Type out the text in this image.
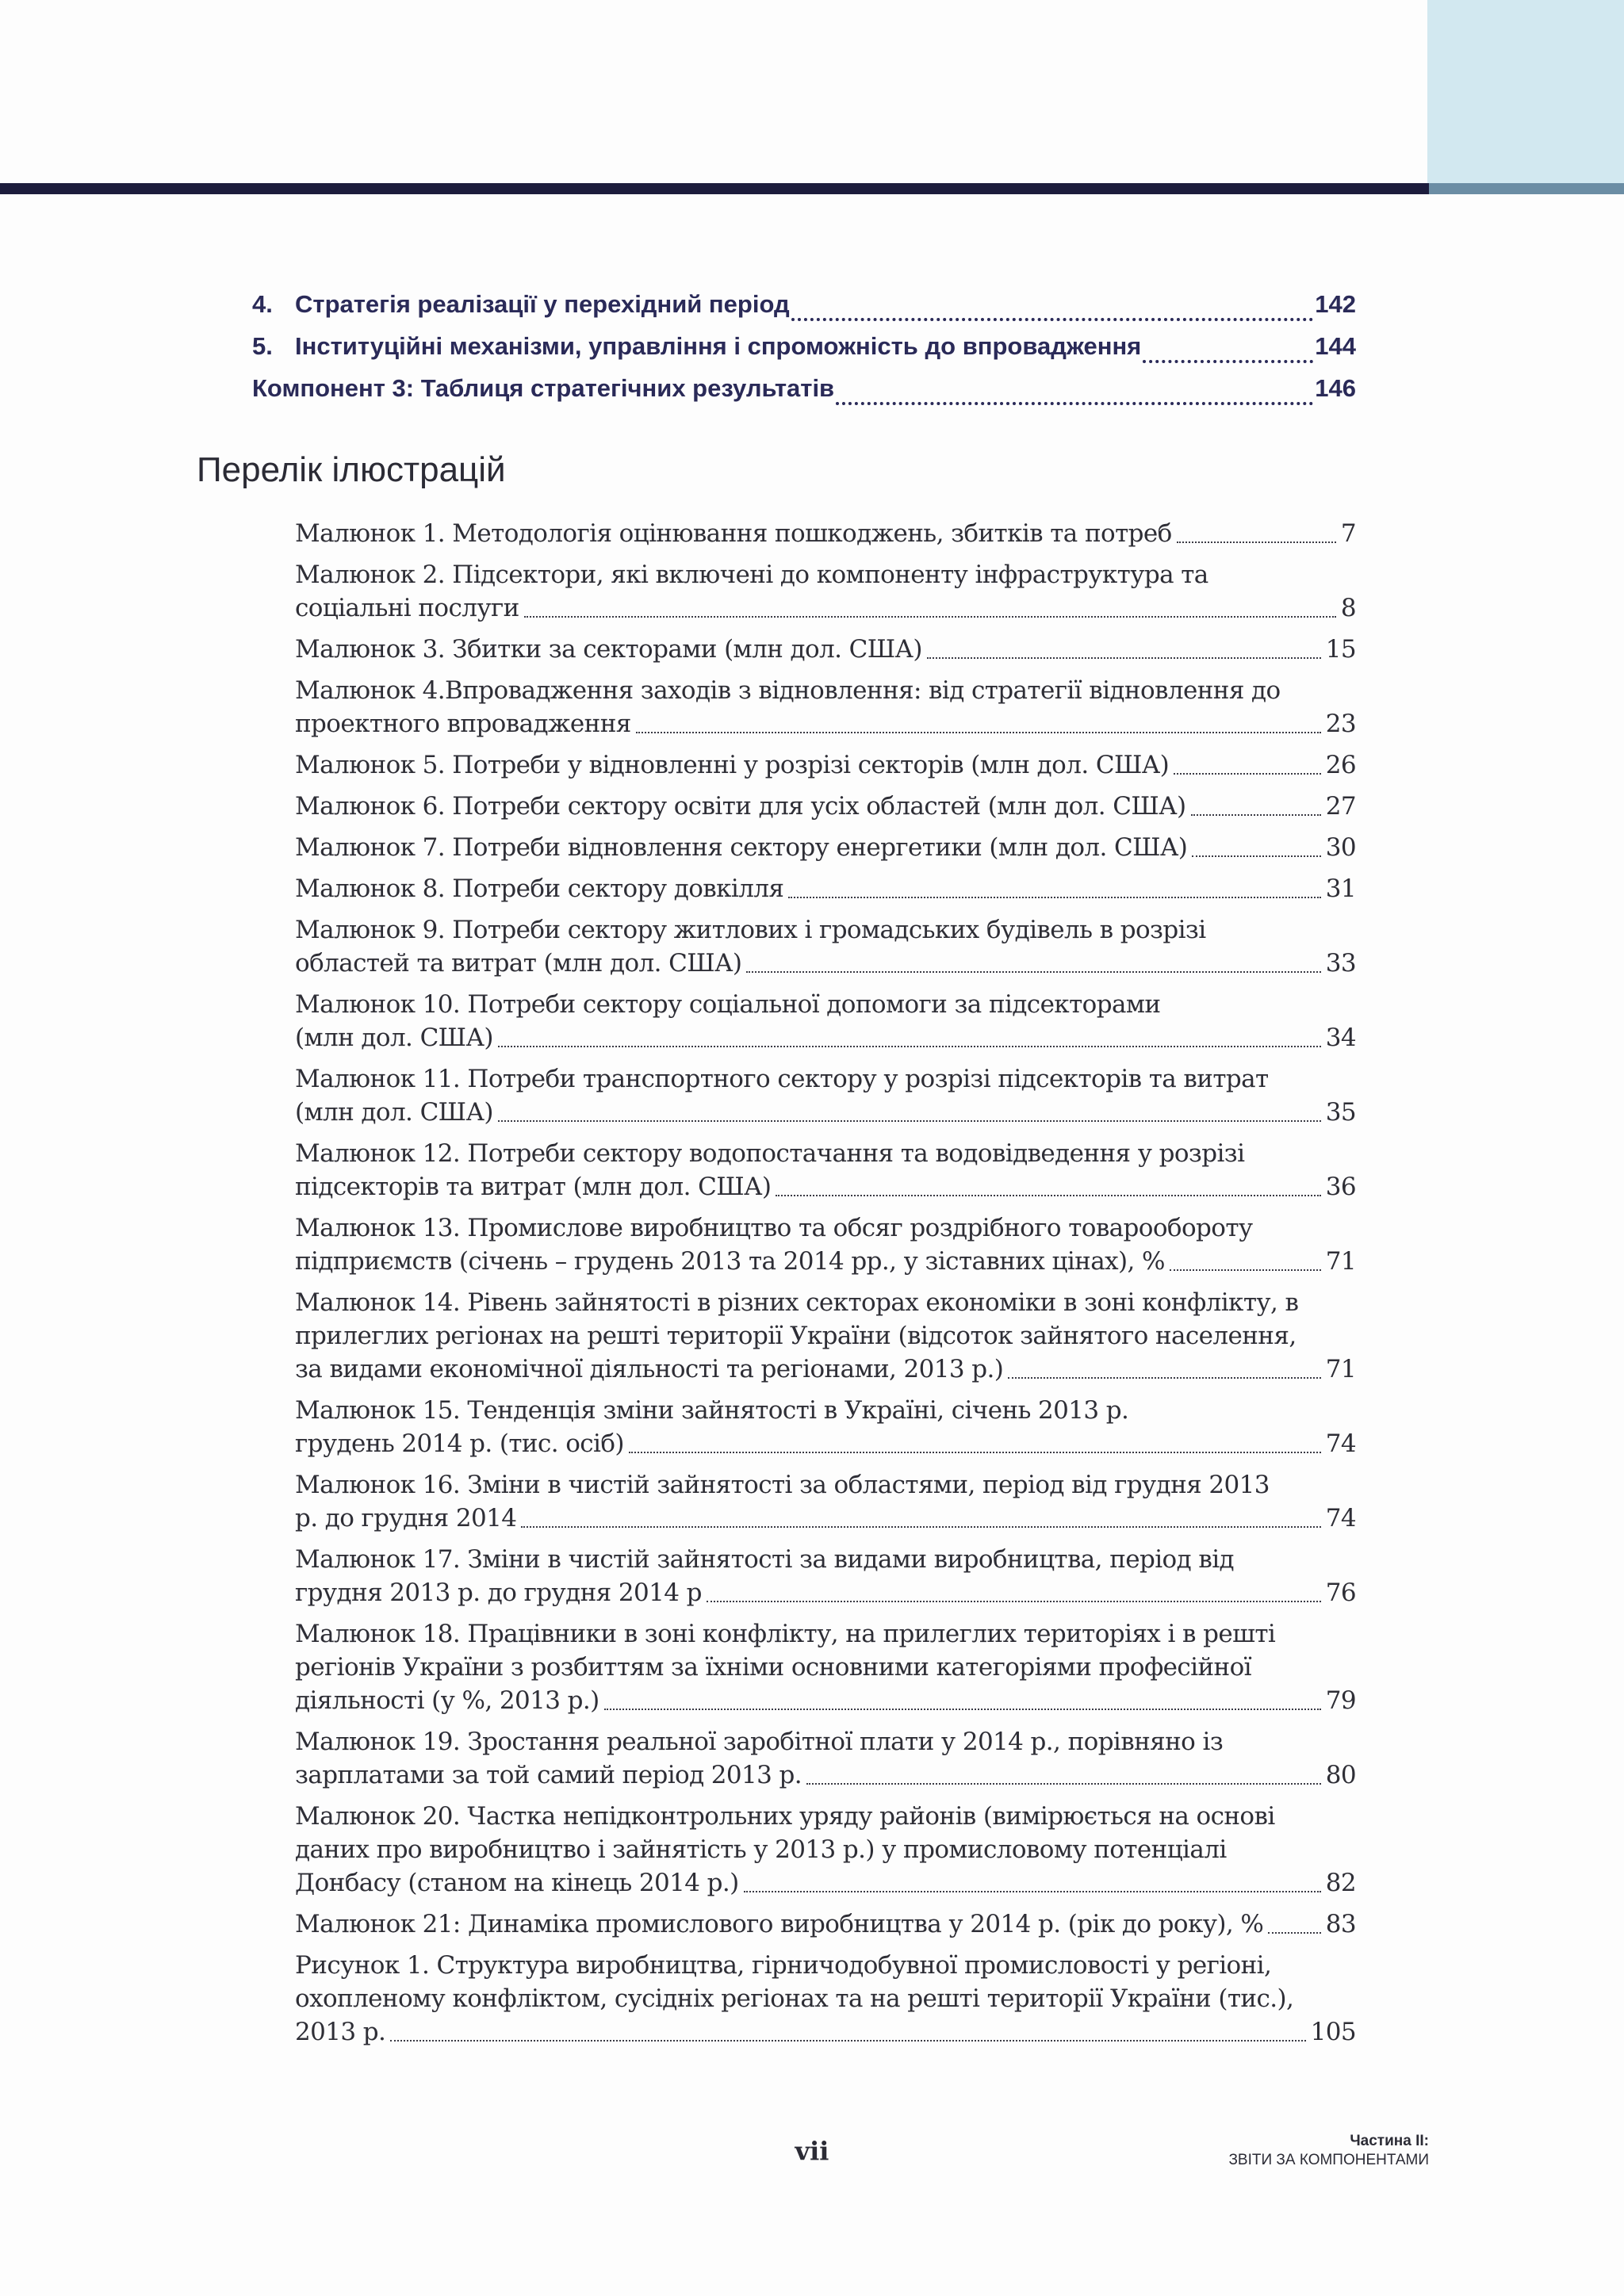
4. Стратегія реалізації у перехідний період	142
5. Інституційні механізми, управління і спроможність до впровадження	144
Компонент 3: Таблиця стратегічних результатів	146
Перелік ілюстрацій
Малюнок 1. Методологія оцінювання пошкоджень, збитків та потреб	7
Малюнок 2. Підсектори, які включені до компоненту інфраструктура та
соціальні послуги	8
Малюнок 3. Збитки за секторами (млн дол. США)	15
Малюнок 4.Впровадження заходів з відновлення: від стратегії відновлення до
проектного впровадження	23
Малюнок 5. Потреби у відновленні у розрізі секторів (млн дол. США)	26
Малюнок 6. Потреби сектору освіти для усіх областей (млн дол. США)	27
Малюнок 7. Потреби відновлення сектору енергетики (млн дол. США)	30
Малюнок 8. Потреби сектору довкілля	31
Малюнок 9. Потреби сектору житлових і громадських будівель в розрізі
областей та витрат (млн дол. США)	33
Малюнок 10. Потреби сектору соціальної допомоги за підсекторами
(млн дол. США)	34
Малюнок 11. Потреби транспортного сектору у розрізі підсекторів та витрат
(млн дол. США)	35
Малюнок 12. Потреби сектору водопостачання та водовідведення у розрізі
підсекторів та витрат (млн дол. США)	36
Малюнок 13. Промислове виробництво та обсяг роздрібного товарообороту
підприємств (січень – грудень 2013 та 2014 рр., у зіставних цінах), %	71
Малюнок 14. Рівень зайнятості в різних секторах економіки в зоні конфлікту, в
прилеглих регіонах на решті території України (відсоток зайнятого населення,
за видами економічної діяльності та регіонами, 2013 р.)	71
Малюнок 15. Тенденція зміни зайнятості в Україні, січень 2013 р.
грудень 2014 р. (тис. осіб)	74
Малюнок 16. Зміни в чистій зайнятості за областями, період від грудня 2013
р. до грудня 2014	74
Малюнок 17. Зміни в чистій зайнятості за видами виробництва, період від
грудня 2013 р. до грудня 2014 р	76
Малюнок 18. Працівники в зоні конфлікту, на прилеглих територіях і в решті
регіонів України з розбиттям за їхніми основними категоріями професійної
діяльності (у %, 2013 р.)	79
Малюнок 19. Зростання реальної заробітної плати у 2014 р., порівняно із
зарплатами за той самий період 2013 р.	80
Малюнок 20. Частка непідконтрольних уряду районів (вимірюється на основі
даних про виробництво і зайнятість у 2013 р.) у промисловому потенціалі
Донбасу (станом на кінець 2014 р.)	82
Малюнок 21: Динаміка промислового виробництва у 2014 р. (рік до року), %	83
Рисунок 1. Структура виробництва, гірничодобувної промисловості у регіоні,
охопленому конфліктом, сусідніх регіонах та на решті території України (тис.),
2013 р.	105
vii	Частина II:
ЗВІТИ ЗА КОМПОНЕНТАМИ
